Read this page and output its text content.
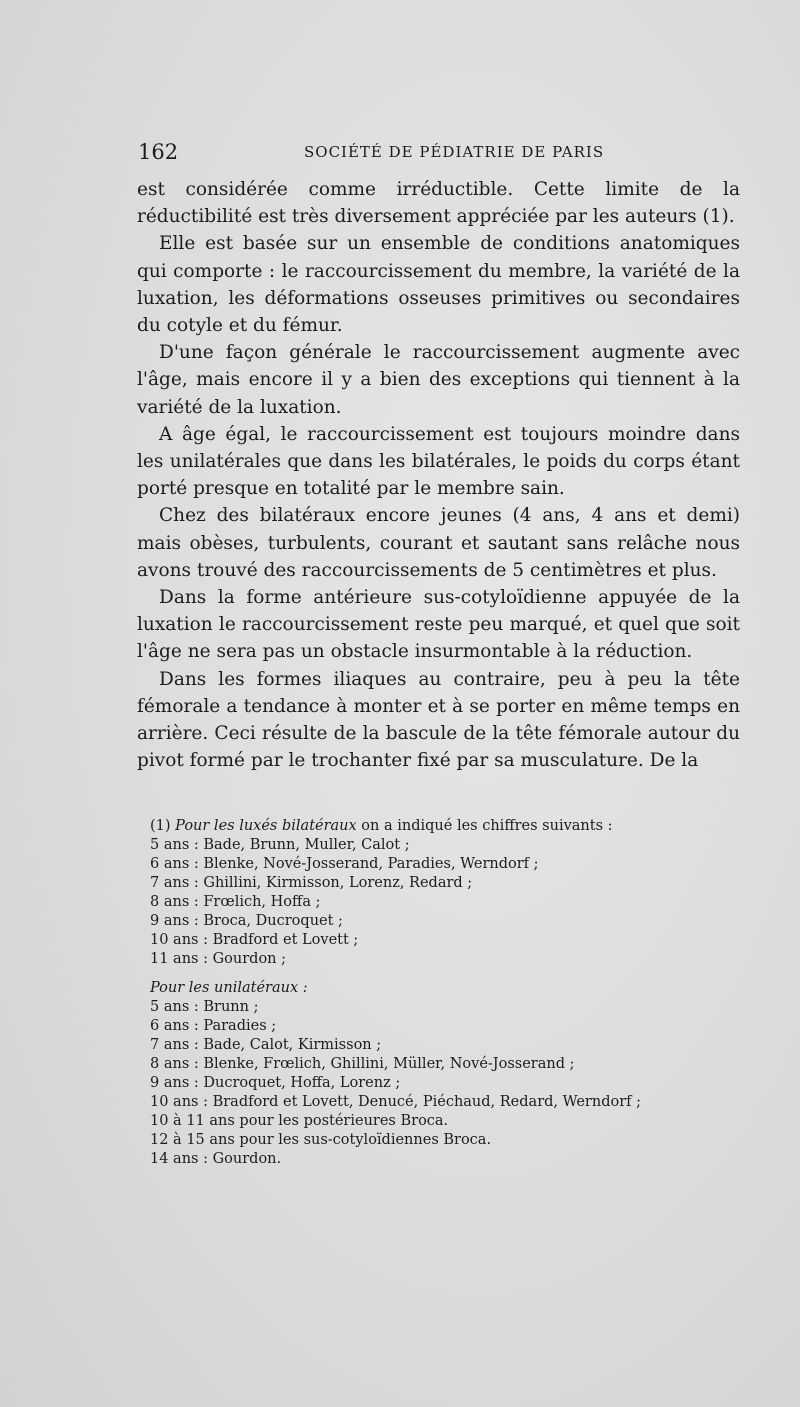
162	SOCIÉTÉ DE PÉDIATRIE DE PARIS

est considérée comme irréductible. Cette limite de la réductibilité est très diversement appréciée par les auteurs (1).

Elle est basée sur un ensemble de conditions anatomiques qui comporte : le raccourcissement du membre, la variété de la luxation, les déformations osseuses primitives ou secondaires du cotyle et du fémur.

D'une façon générale le raccourcissement augmente avec l'âge, mais encore il y a bien des exceptions qui tiennent à la variété de la luxation.

A âge égal, le raccourcissement est toujours moindre dans les unilatérales que dans les bilatérales, le poids du corps étant porté presque en totalité par le membre sain.

Chez des bilatéraux encore jeunes (4 ans, 4 ans et demi) mais obèses, turbulents, courant et sautant sans relâche nous avons trouvé des raccourcissements de 5 centimètres et plus.

Dans la forme antérieure sus-cotyloïdienne appuyée de la luxation le raccourcissement reste peu marqué, et quel que soit l'âge ne sera pas un obstacle insurmontable à la réduction.

Dans les formes iliaques au contraire, peu à peu la tête fémorale a tendance à monter et à se porter en même temps en arrière. Ceci résulte de la bascule de la tête fémorale autour du pivot formé par le trochanter fixé par sa musculature. De la

(1) Pour les luxés bilatéraux on a indiqué les chiffres suivants :
5 ans : Bade, Brunn, Muller, Calot ;
6 ans : Blenke, Nové-Josserand, Paradies, Werndorf ;
7 ans : Ghillini, Kirmisson, Lorenz, Redard ;
8 ans : Frœlich, Hoffa ;
9 ans : Broca, Ducroquet ;
10 ans : Bradford et Lovett ;
11 ans : Gourdon ;
Pour les unilatéraux :
5 ans : Brunn ;
6 ans : Paradies ;
7 ans : Bade, Calot, Kirmisson ;
8 ans : Blenke, Frœlich, Ghillini, Müller, Nové-Josserand ;
9 ans : Ducroquet, Hoffa, Lorenz ;
10 ans : Bradford et Lovett, Denucé, Piéchaud, Redard, Werndorf ;
10 à 11 ans pour les postérieures Broca.
12 à 15 ans pour les sus-cotyloïdiennes Broca.
14 ans : Gourdon.
